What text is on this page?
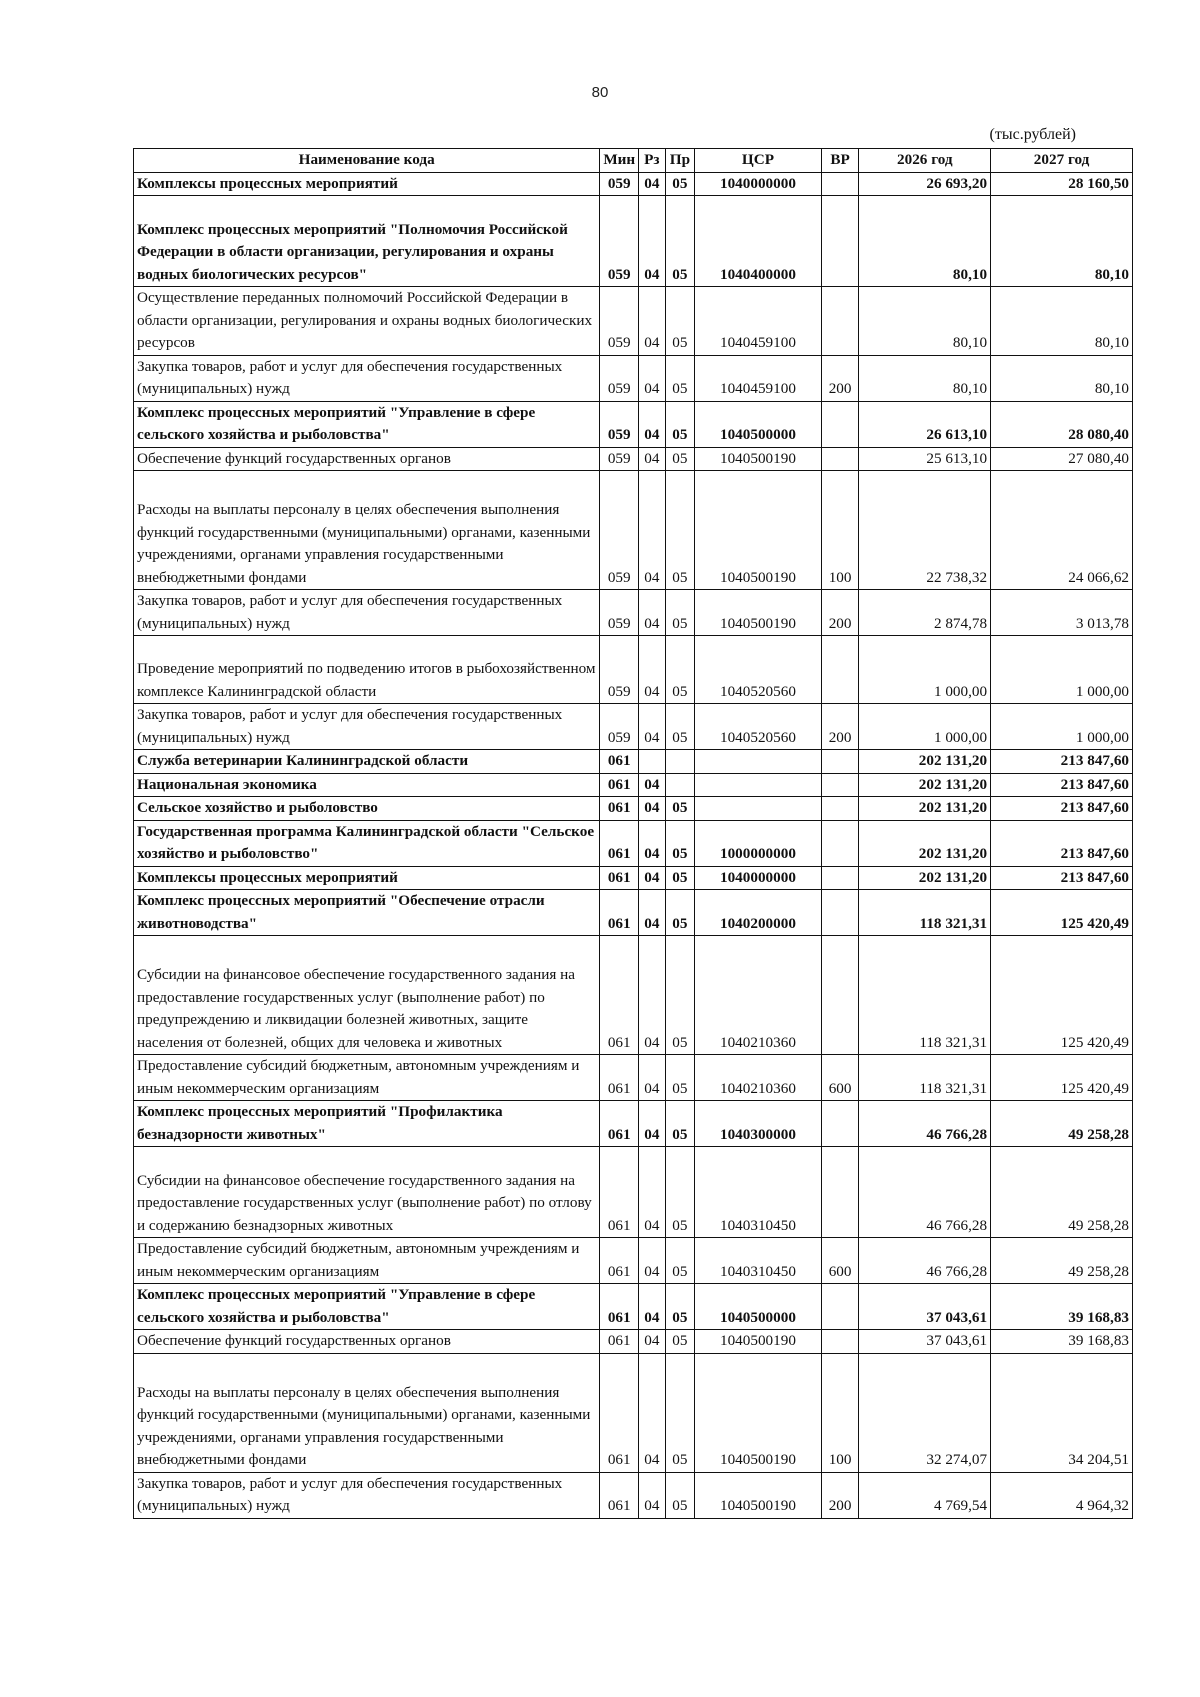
80
(тыс.рублей)
Наименование кода	Мин	Рз	Пр	ЦСР	ВР	2026 год	2027 год
Комплексы процессных мероприятий	059	04	05	1040000000		26 693,20	28 160,50
Комплекс процессных мероприятий "Полномочия Российской Федерации в области организации, регулирования и охраны водных биологических ресурсов"	059	04	05	1040400000		80,10	80,10
Осуществление переданных полномочий Российской Федерации в области организации, регулирования и охраны водных биологических ресурсов	059	04	05	1040459100		80,10	80,10
Закупка товаров, работ и услуг для обеспечения государственных (муниципальных) нужд	059	04	05	1040459100	200	80,10	80,10
Комплекс процессных мероприятий "Управление в сфере сельского хозяйства и рыболовства"	059	04	05	1040500000		26 613,10	28 080,40
Обеспечение функций государственных органов	059	04	05	1040500190		25 613,10	27 080,40
Расходы на выплаты персоналу в целях обеспечения выполнения функций государственными (муниципальными) органами, казенными учреждениями, органами управления государственными внебюджетными фондами	059	04	05	1040500190	100	22 738,32	24 066,62
Закупка товаров, работ и услуг для обеспечения государственных (муниципальных) нужд	059	04	05	1040500190	200	2 874,78	3 013,78
Проведение мероприятий по подведению итогов в рыбохозяйственном комплексе Калининградской области	059	04	05	1040520560		1 000,00	1 000,00
Закупка товаров, работ и услуг для обеспечения государственных (муниципальных) нужд	059	04	05	1040520560	200	1 000,00	1 000,00
Служба ветеринарии Калининградской области	061					202 131,20	213 847,60
Национальная экономика	061	04				202 131,20	213 847,60
Сельское хозяйство и рыболовство	061	04	05			202 131,20	213 847,60
Государственная программа Калининградской области "Сельское хозяйство и рыболовство"	061	04	05	1000000000		202 131,20	213 847,60
Комплексы процессных мероприятий	061	04	05	1040000000		202 131,20	213 847,60
Комплекс процессных мероприятий "Обеспечение отрасли животноводства"	061	04	05	1040200000		118 321,31	125 420,49
Субсидии на финансовое обеспечение государственного задания на предоставление государственных услуг (выполнение работ) по предупреждению и ликвидации болезней животных, защите населения от болезней, общих для человека и животных	061	04	05	1040210360		118 321,31	125 420,49
Предоставление субсидий бюджетным, автономным учреждениям и иным некоммерческим организациям	061	04	05	1040210360	600	118 321,31	125 420,49
Комплекс процессных мероприятий "Профилактика безнадзорности животных"	061	04	05	1040300000		46 766,28	49 258,28
Субсидии на финансовое обеспечение государственного задания на предоставление государственных услуг (выполнение работ) по отлову и содержанию безнадзорных животных	061	04	05	1040310450		46 766,28	49 258,28
Предоставление субсидий бюджетным, автономным учреждениям и иным некоммерческим организациям	061	04	05	1040310450	600	46 766,28	49 258,28
Комплекс процессных мероприятий "Управление в сфере сельского хозяйства и рыболовства"	061	04	05	1040500000		37 043,61	39 168,83
Обеспечение функций государственных органов	061	04	05	1040500190		37 043,61	39 168,83
Расходы на выплаты персоналу в целях обеспечения выполнения функций государственными (муниципальными) органами, казенными учреждениями, органами управления государственными внебюджетными фондами	061	04	05	1040500190	100	32 274,07	34 204,51
Закупка товаров, работ и услуг для обеспечения государственных (муниципальных) нужд	061	04	05	1040500190	200	4 769,54	4 964,32
